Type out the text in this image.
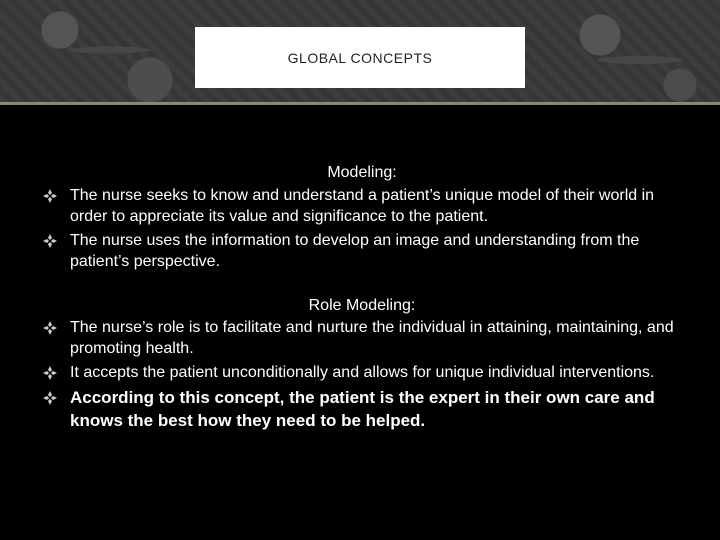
GLOBAL CONCEPTS
Modeling:
The nurse seeks to know and understand a patient’s unique model of their world in order to appreciate its value and significance to the patient.
The nurse uses the information to develop an image and understanding from the patient’s perspective.
Role Modeling:
The nurse’s role is to facilitate and nurture the individual in attaining, maintaining, and promoting health.
It accepts the patient unconditionally and allows for unique individual interventions.
According to this concept, the patient is the expert in their own care and knows the best how they need to be helped.
